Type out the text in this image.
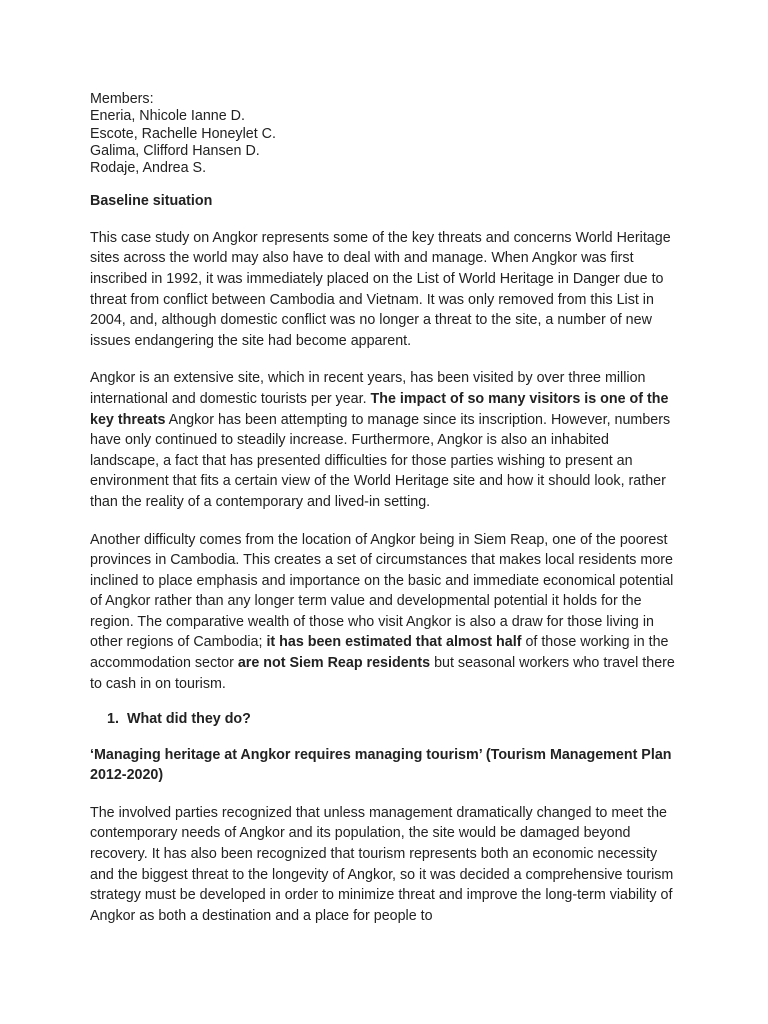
Members:

Eneria, Nhicole Ianne D.

Escote, Rachelle Honeylet C.

Galima, Clifford Hansen D.

Rodaje, Andrea S.

Baseline situation

This case study on Angkor represents some of the key threats and concerns World Heritage sites across the world may also have to deal with and manage. When Angkor was first inscribed in 1992, it was immediately placed on the List of World Heritage in Danger due to threat from conflict between Cambodia and Vietnam. It was only removed from this List in 2004, and, although domestic conflict was no longer a threat to the site, a number of new issues endangering the site had become apparent.

Angkor is an extensive site, which in recent years, has been visited by over three million international and domestic tourists per year. The impact of so many visitors is one of the key threats Angkor has been attempting to manage since its inscription. However, numbers have only continued to steadily increase. Furthermore, Angkor is also an inhabited landscape, a fact that has presented difficulties for those parties wishing to present an environment that fits a certain view of the World Heritage site and how it should look, rather than the reality of a contemporary and lived-in setting.

Another difficulty comes from the location of Angkor being in Siem Reap, one of the poorest provinces in Cambodia. This creates a set of circumstances that makes local residents more inclined to place emphasis and importance on the basic and immediate economical potential of Angkor rather than any longer term value and developmental potential it holds for the region. The comparative wealth of those who visit Angkor is also a draw for those living in other regions of Cambodia; it has been estimated that almost half of those working in the accommodation sector are not Siem Reap residents but seasonal workers who travel there to cash in on tourism.

1. What did they do?

‘Managing heritage at Angkor requires managing tourism’ (Tourism Management Plan 2012-2020)

The involved parties recognized that unless management dramatically changed to meet the contemporary needs of Angkor and its population, the site would be damaged beyond recovery. It has also been recognized that tourism represents both an economic necessity and the biggest threat to the longevity of Angkor, so it was decided a comprehensive tourism strategy must be developed in order to minimize threat and improve the long-term viability of Angkor as both a destination and a place for people to
